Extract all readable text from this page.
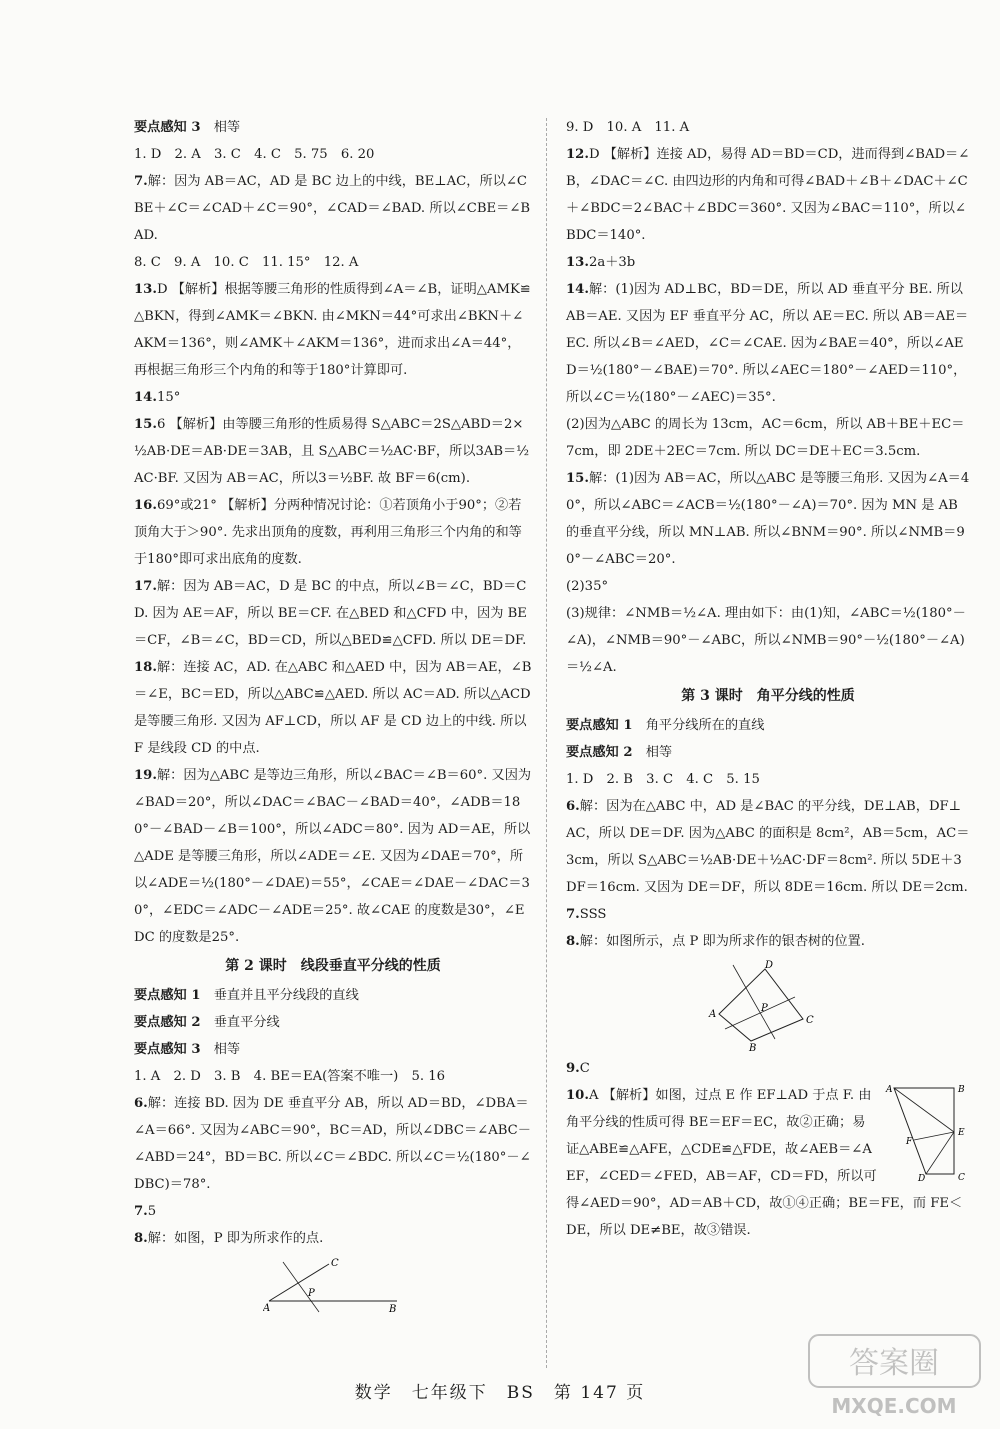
要点感知 3　相等

1. D　2. A　3. C　4. C　5. 75　6. 20

7.解：因为 AB＝AC，AD 是 BC 边上的中线，BE⊥AC，所以∠CBE＋∠C＝∠CAD＋∠C＝90°，∠CAD＝∠BAD. 所以∠CBE＝∠BAD.

8. C　9. A　10. C　11. 15°　12. A

13.D 【解析】根据等腰三角形的性质得到∠A＝∠B，证明△AMK≌△BKN，得到∠AMK＝∠BKN. 由∠MKN＝44°可求出∠BKN＋∠AKM＝136°，则∠AMK＋∠AKM＝136°，进而求出∠A＝44°，再根据三角形三个内角的和等于180°计算即可.

14.15°

15.6 【解析】由等腰三角形的性质易得 S△ABC＝2S△ABD＝2×½AB·DE＝AB·DE＝3AB，且 S△ABC＝½AC·BF，所以3AB＝½AC·BF. 又因为 AB＝AC，所以3＝½BF. 故 BF＝6(cm).

16.69°或21° 【解析】分两种情况讨论：①若顶角小于90°；②若顶角大于＞90°. 先求出顶角的度数，再利用三角形三个内角的和等于180°即可求出底角的度数.

17.解：因为 AB＝AC，D 是 BC 的中点，所以∠B＝∠C，BD＝CD. 因为 AE＝AF，所以 BE＝CF. 在△BED 和△CFD 中，因为 BE＝CF，∠B＝∠C，BD＝CD，所以△BED≌△CFD. 所以 DE＝DF.

18.解：连接 AC，AD. 在△ABC 和△AED 中，因为 AB＝AE，∠B＝∠E，BC＝ED，所以△ABC≌△AED. 所以 AC＝AD. 所以△ACD 是等腰三角形. 又因为 AF⊥CD，所以 AF 是 CD 边上的中线. 所以 F 是线段 CD 的中点.

19.解：因为△ABC 是等边三角形，所以∠BAC＝∠B＝60°. 又因为∠BAD＝20°，所以∠DAC＝∠BAC－∠BAD＝40°，∠ADB＝180°－∠BAD－∠B＝100°，所以∠ADC＝80°. 因为 AD＝AE，所以△ADE 是等腰三角形，所以∠ADE＝∠E. 又因为∠DAE＝70°，所以∠ADE＝½(180°－∠DAE)＝55°，∠CAE＝∠DAE－∠DAC＝30°，∠EDC＝∠ADC－∠ADE＝25°. 故∠CAE 的度数是30°，∠EDC 的度数是25°.

第 2 课时　线段垂直平分线的性质

要点感知 1　垂直并且平分线段的直线

要点感知 2　垂直平分线

要点感知 3　相等

1. A　2. D　3. B　4. BE＝EA(答案不唯一)　5. 16

6.解：连接 BD. 因为 DE 垂直平分 AB，所以 AD＝BD，∠DBA＝∠A＝66°. 又因为∠ABC＝90°，BC＝AD，所以∠DBC＝∠ABC－∠ABD＝24°，BD＝BC. 所以∠C＝∠BDC. 所以∠C＝½(180°－∠DBC)＝78°.

7.5

8.解：如图，P 即为所求作的点.

A	B
C
P

9. D　10. A　11. A

12.D 【解析】连接 AD，易得 AD＝BD＝CD，进而得到∠BAD＝∠B，∠DAC＝∠C. 由四边形的内角和可得∠BAD＋∠B＋∠DAC＋∠C＋∠BDC＝2∠BAC＋∠BDC＝360°. 又因为∠BAC＝110°，所以∠BDC＝140°.

13.2a＋3b

14.解：(1)因为 AD⊥BC，BD＝DE，所以 AD 垂直平分 BE. 所以 AB＝AE. 又因为 EF 垂直平分 AC，所以 AE＝EC. 所以 AB＝AE＝EC. 所以∠B＝∠AED，∠C＝∠CAE. 因为∠BAE＝40°，所以∠AED＝½(180°－∠BAE)＝70°. 所以∠AEC＝180°－∠AED＝110°，所以∠C＝½(180°－∠AEC)＝35°.

(2)因为△ABC 的周长为 13cm，AC＝6cm，所以 AB＋BE＋EC＝7cm，即 2DE＋2EC＝7cm. 所以 DC＝DE＋EC＝3.5cm.

15.解：(1)因为 AB＝AC，所以△ABC 是等腰三角形. 又因为∠A＝40°，所以∠ABC＝∠ACB＝½(180°－∠A)＝70°. 因为 MN 是 AB 的垂直平分线，所以 MN⊥AB. 所以∠BNM＝90°. 所以∠NMB＝90°－∠ABC＝20°.

(2)35°

(3)规律：∠NMB＝½∠A. 理由如下：由(1)知，∠ABC＝½(180°－∠A)，∠NMB＝90°－∠ABC，所以∠NMB＝90°－½(180°－∠A)＝½∠A.

第 3 课时　角平分线的性质

要点感知 1　角平分线所在的直线

要点感知 2　相等

1. D　2. B　3. C　4. C　5. 15

6.解：因为在△ABC 中，AD 是∠BAC 的平分线，DE⊥AB，DF⊥AC，所以 DE＝DF. 因为△ABC 的面积是 8cm²，AB＝5cm，AC＝3cm，所以 S△ABC＝½AB·DE＋½AC·DF＝8cm². 所以 5DE＋3DF＝16cm. 又因为 DE＝DF，所以 8DE＝16cm. 所以 DE＝2cm.

7.SSS

8.解：如图所示，点 P 即为所求作的银杏树的位置.

A
B
C
D
P

9.C

A	B
C
D
E
F
10.A 【解析】如图，过点 E 作 EF⊥AD 于点 F. 由角平分线的性质可得 BE＝EF＝EC，故②正确；易证△ABE≌△AFE，△CDE≌△FDE，故∠AEB＝∠AEF，∠CED＝∠FED，AB＝AF，CD＝FD，所以可得∠AED＝90°，AD＝AB＋CD，故①④正确；BE＝FE，而 FE＜DE，所以 DE≠BE，故③错误.

数学　七年级下　BS　第 147 页
答案圈
MXQE.COM
